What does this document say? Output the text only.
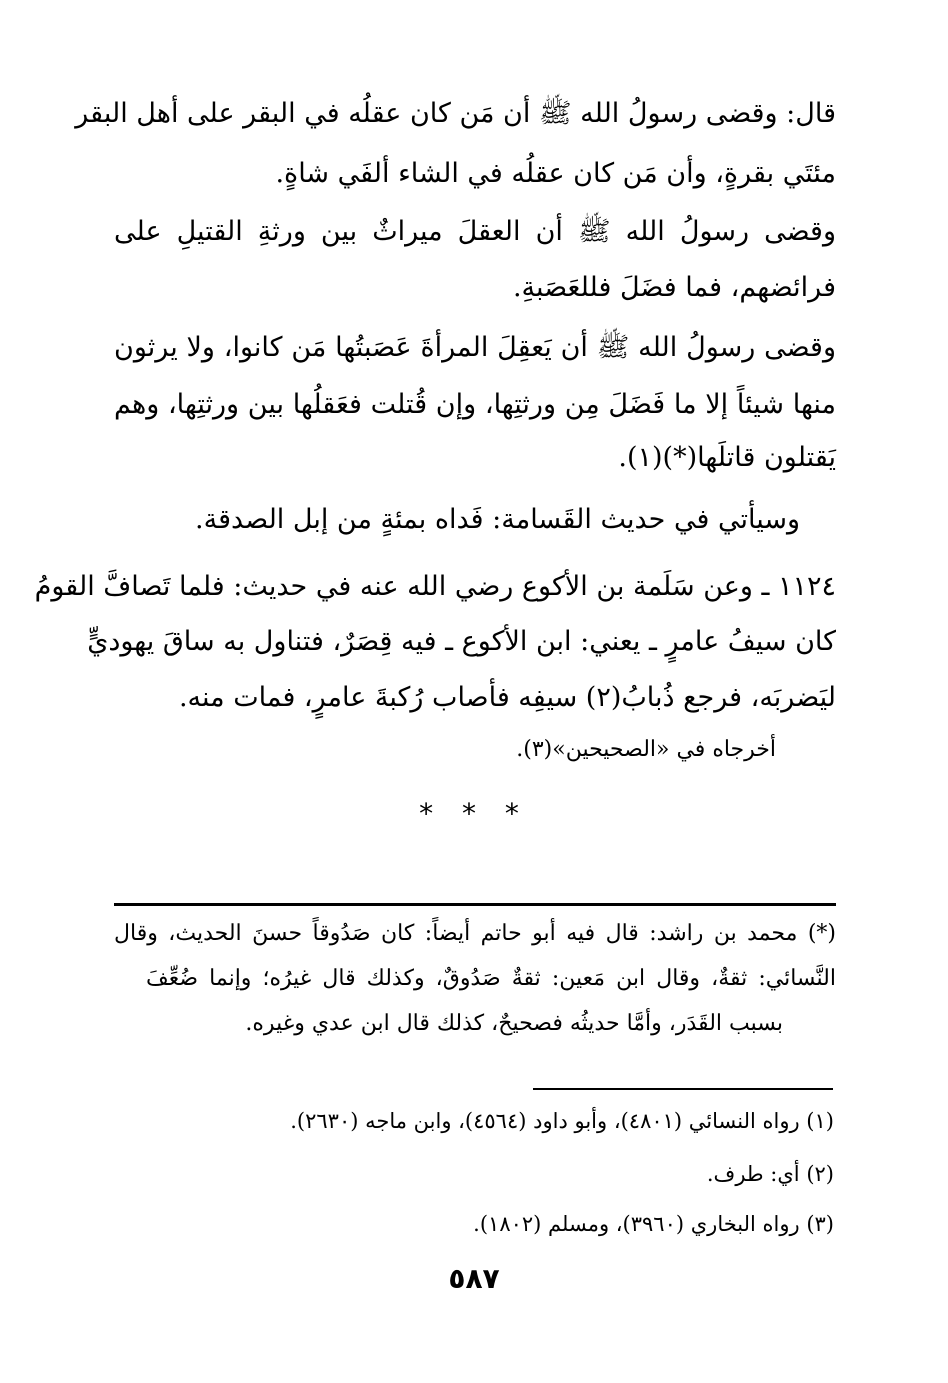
قال: وقضى رسولُ الله ﷺ أن مَن كان عقلُه في البقر على أهل البقر
مئتَي بقرةٍ، وأن مَن كان عقلُه في الشاء ألفَي شاةٍ.
وقضى رسولُ الله ﷺ أن العقلَ ميراثٌ بين ورثةِ القتيلِ على
فرائضهم، فما فضَلَ فللعَصَبةِ.
وقضى رسولُ الله ﷺ أن يَعقِلَ المرأةَ عَصَبتُها مَن كانوا، ولا يرثون
منها شيئاً إلا ما فَضَلَ مِن ورثتِها، وإن قُتلت فعَقلُها بين ورثتِها، وهم
يَقتلون قاتلَها(*)(١).
وسيأتي في حديث القَسامة: فَداه بمئةٍ من إبل الصدقة.
١١٢٤ ـ وعن سَلَمة بن الأكوع رضي الله عنه في حديث: فلما تَصافَّ القومُ
كان سيفُ عامرٍ ـ يعني: ابن الأكوع ـ فيه قِصَرٌ، فتناول به ساقَ يهوديٍّ
ليَضربَه، فرجع ذُبابُ(٢) سيفِه فأصاب رُكبةَ عامرٍ، فمات منه.
أخرجاه في «الصحيحين»(٣).
* * *
(*) محمد بن راشد: قال فيه أبو حاتم أيضاً: كان صَدُوقاً حسنَ الحديث، وقال
النَّسائي: ثقةٌ، وقال ابن مَعين: ثقةٌ صَدُوقٌ، وكذلك قال غيرُه؛ وإنما ضُعِّفَ
بسبب القَدَر، وأمَّا حديثُه فصحيحٌ، كذلك قال ابن عدي وغيره.
(١) رواه النسائي (٤٨٠١)، وأبو داود (٤٥٦٤)، وابن ماجه (٢٦٣٠).
(٢) أي: طرف.
(٣) رواه البخاري (٣٩٦٠)، ومسلم (١٨٠٢).
٥٨٧
